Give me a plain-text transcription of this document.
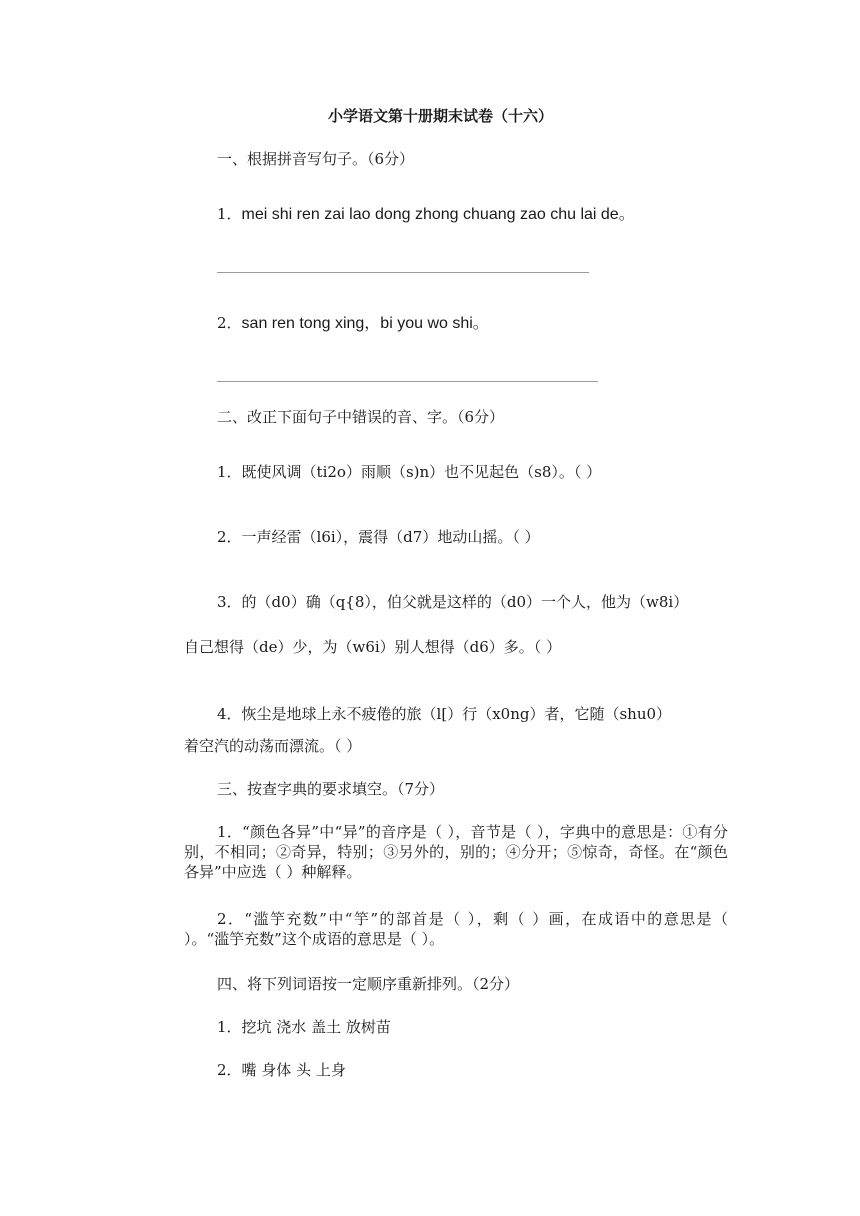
小学语文第十册期末试卷（十六）
一、根据拼音写句子。（6分）
1．mei shi ren zai lao dong zhong chuang zao chu lai de。
2．san ren tong xing，bi you wo shi。
二、改正下面句子中错误的音、字。（6分）
1．既使风调（ti2o）雨顺（s)n）也不见起色（s8）。（ ）
2．一声经雷（l6i），震得（d7）地动山摇。（ ）
3．的（d0）确（q{8），伯父就是这样的（d0）一个人，他为（w8i）
自己想得（de）少，为（w6i）别人想得（d6）多。（ ）
4．恢尘是地球上永不疲倦的旅（l[）行（x0ng）者，它随（shu0）
着空汽的动荡而漂流。（ ）
三、按查字典的要求填空。（7分）
1．“颜色各异”中“异”的音序是（ ），音节是（ ），字典中的意思是：①有分别，不相同；②奇异，特别；③另外的，别的；④分开；⑤惊奇，奇怪。在“颜色各异”中应选（ ）种解释。
2．“滥竽充数”中“竽”的部首是（ ），剩（ ）画，在成语中的意思是（ ）。“滥竽充数”这个成语的意思是（ ）。
四、将下列词语按一定顺序重新排列。（2分）
1．挖坑 浇水 盖土 放树苗
2．嘴 身体 头 上身
